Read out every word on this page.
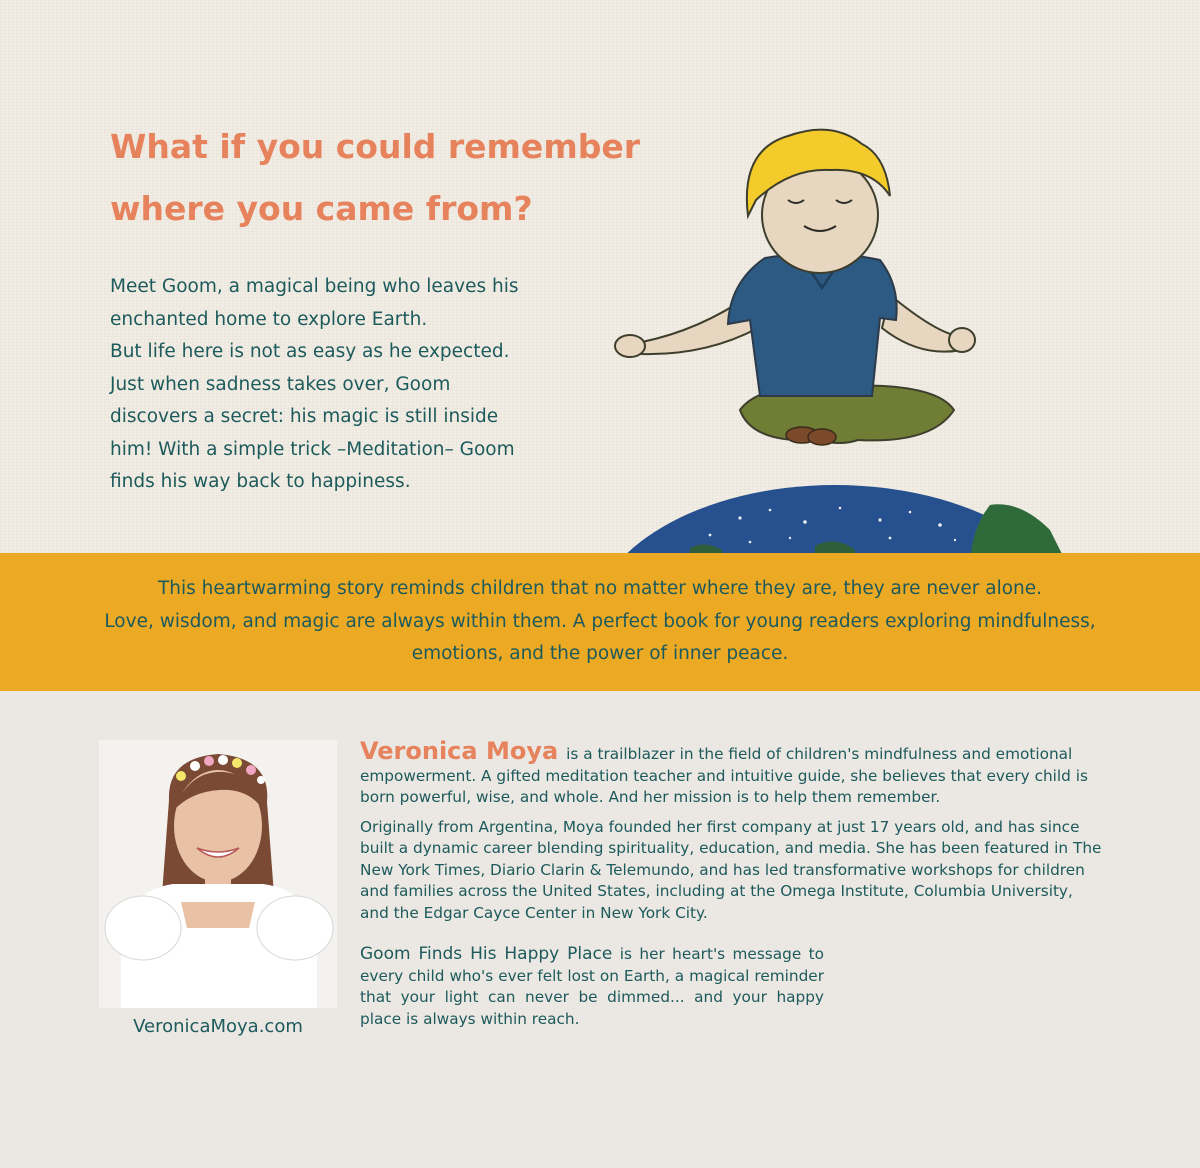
What if you could remember
where you came from?
Meet Goom, a magical being who leaves his
enchanted home to explore Earth.
But life here is not as easy as he expected.
Just when sadness takes over, Goom
discovers a secret: his magic is still inside
him! With a simple trick –Meditation– Goom
finds his way back to happiness.
This heartwarming story reminds children that no matter where they are, they are never alone.
Love, wisdom, and magic are always within them. A perfect book for young readers exploring mindfulness,
emotions, and the power of inner peace.
VeronicaMoya.com

Veronica Moya is a trailblazer in the field of children's mindfulness and emotional empowerment. A gifted meditation teacher and intuitive guide, she believes that every child is born powerful, wise, and whole. And her mission is to help them remember.

Originally from Argentina, Moya founded her first company at just 17 years old, and has since built a dynamic career blending spirituality, education, and media. She has been featured in The New York Times, Diario Clarin & Telemundo, and has led transformative workshops for children and families across the United States, including at the Omega Institute, Columbia University, and the Edgar Cayce Center in New York City.

Goom Finds His Happy Place is her heart's message to every child who's ever felt lost on Earth, a magical reminder that your light can never be dimmed... and your happy place is always within reach.
